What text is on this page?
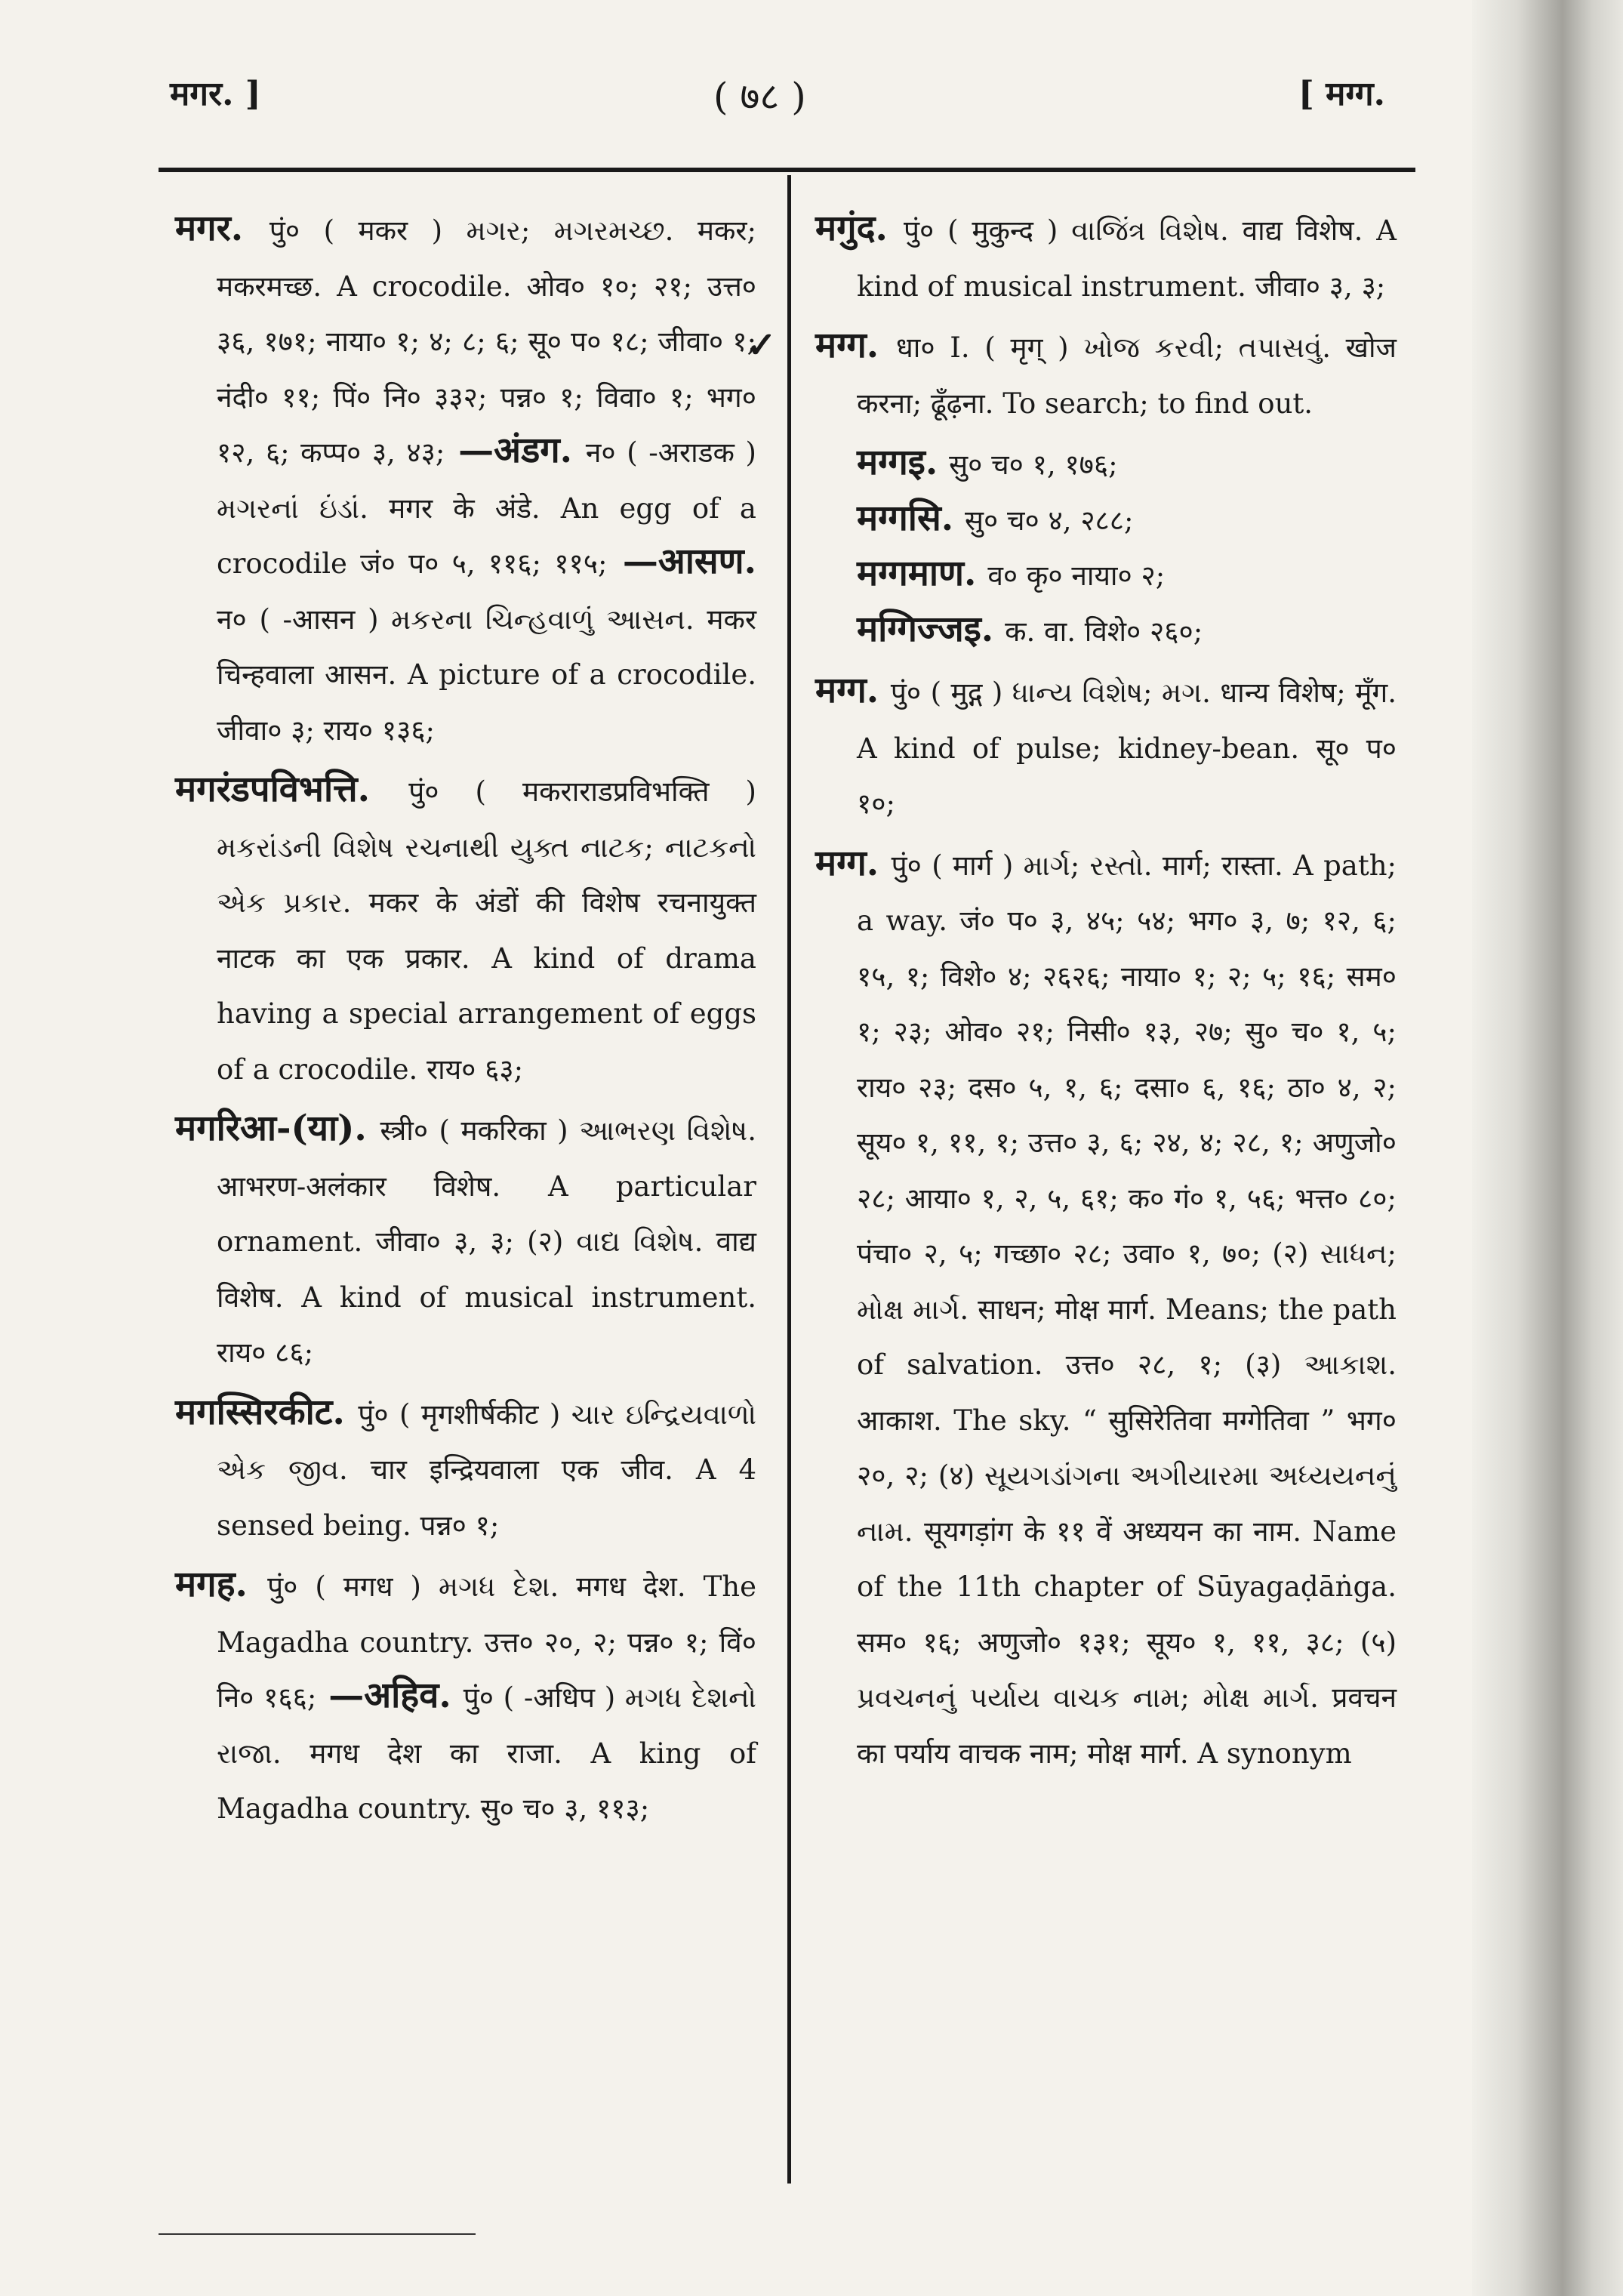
मगर. ]	( ७८ )	[ मग्ग.

मगर. पुं० ( मकर ) મગર; મગરમચ્છ. मकर; मकरमच्छ. A crocodile. ओव० १०; २१; उत्त० ३६, १७१; नाया० १; ४; ८; ६; सू० प० १८; जीवा० १; नंदी० ११; पिं० नि० ३३२; पन्न० १; विवा० १; भग० १२, ६; कप्प० ३, ४३; —अंडग. न० ( -अराडक ) મગરનાં ઇંડાં. मगर के अंडे. An egg of a crocodile जं० प० ५, ११६; ११५; —आसण. न० ( -आसन ) મકરના ચિન્હવાળું આસન. मकर चिन्हवाला आसन. A picture of a crocodile. जीवा० ३; राय० १३६;

मगरंडपविभत्ति. पुं० ( मकराराडप्रविभक्ति ) મકરાંડની વિશેષ રચનાથી યુક્ત નાટક; નાટકનો એક પ્રકાર. मकर के अंडों की विशेष रचनायुक्त नाटक का एक प्रकार. A kind of drama having a special arrangement of eggs of a crocodile. राय० ६३;

मगरिआ-(या). स्त्री० ( मकरिका ) આભરણ વિશેષ. आभरण-अलंकार विशेष. A particular ornament. जीवा० ३, ३; (२) વાદ્ય વિશેષ. वाद्य विशेष. A kind of musical instrument. राय० ८६;

मगस्सिरकीट. पुं० ( मृगशीर्षकीट ) ચાર ઇન્દ્રિયવાળો એક જીવ. चार इन्द्रियवाला एक जीव. A 4 sensed being. पन्न० १;

मगह. पुं० ( मगध ) મગધ દેશ. मगध देश. The Magadha country. उत्त० २०, २; पन्न० १; विं० नि० १६६; —अहिव. पुं० ( -अधिप ) મગધ દેશનો રાજા. मगध देश का राजा. A king of Magadha country. सु० च० ३, ११३;

मगुंद. पुं० ( मुकुन्द ) વાજિંત્ર વિશેષ. वाद्य विशेष. A kind of musical instrument. जीवा० ३, ३;

✓	मग्ग. धा० I. ( मृग् ) ખોજ કરવી; તપાસવું. खोज करना; ढूँढ़ना. To search; to find out.

मग्गइ. सु० च० १, १७६;

मग्गसि. सु० च० ४, २८८;

मग्गमाण. व० कृ० नाया० २;

मग्गिज्जइ. क. वा. विशे० २६०;

मग्ग. पुं० ( मुद्ग ) ધાન્ય વિશેષ; મગ. धान्य विशेष; मूँग. A kind of pulse; kidney-bean. सू० प० १०;

मग्ग. पुं० ( मार्ग ) માર્ગ; રસ્તો. मार्ग; रास्ता. A path; a way. जं० प० ३, ४५; ५४; भग० ३, ७; १२, ६; १५, १; विशे० ४; २६२६; नाया० १; २; ५; १६; सम० १; २३; ओव० २१; निसी० १३, २७; सु० च० १, ५; राय० २३; दस० ५, १, ६; दसा० ६, १६; ठा० ४, २; सूय० १, ११, १; उत्त० ३, ६; २४, ४; २८, १; अणुजो० २८; आया० १, २, ५, ६१; क० गं० १, ५६; भत्त० ८०; पंचा० २, ५; गच्छा० २८; उवा० १, ७०; (२) સાધન; મોક્ષ માર્ગ. साधन; मोक्ष मार्ग. Means; the path of salvation. उत्त० २८, १; (३) આકાશ. आकाश. The sky. “ सुसिरेतिवा मग्गेतिवा ” भग० २०, २; (४) સૂયગડાંગના અગીયારમા અધ્યયનનું નામ. सूयगड़ांग के ११ वें अध्ययन का नाम. Name of the 11th chapter of Sūyagaḍāṅga. सम० १६; अणुजो० १३१; सूय० १, ११, ३८; (५) પ્રવચનનું પર્યાય વાચક નામ; મોક્ષ માર્ગ. प्रवचन का पर्याय वाचक नाम; मोक्ष मार्ग. A synonym
